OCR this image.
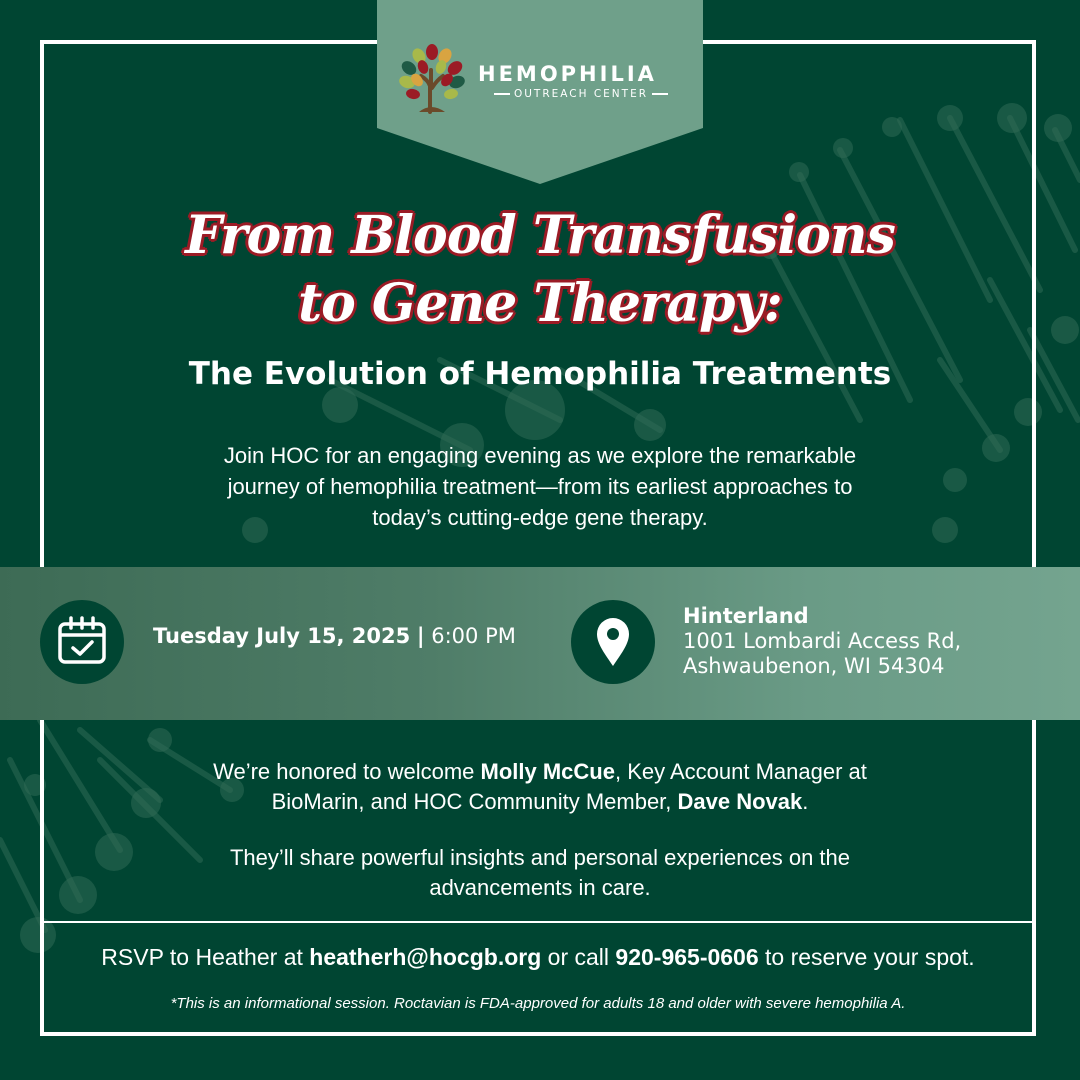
HEMOPHILIA
OUTREACH CENTER
From Blood Transfusions
to Gene Therapy:
The Evolution of Hemophilia Treatments
Join HOC for an engaging evening as we explore the remarkable
journey of hemophilia treatment—from its earliest approaches to
today’s cutting-edge gene therapy.
Tuesday July 15, 2025 | 6:00 PM
Hinterland
1001 Lombardi Access Rd,
Ashwaubenon, WI 54304
We’re honored to welcome Molly McCue, Key Account Manager at
BioMarin, and HOC Community Member, Dave Novak.
They’ll share powerful insights and personal experiences on the
advancements in care.
RSVP to Heather at heatherh@hocgb.org or call 920-965-0606 to reserve your spot.
*This is an informational session. Roctavian is FDA-approved for adults 18 and older with severe hemophilia A.
